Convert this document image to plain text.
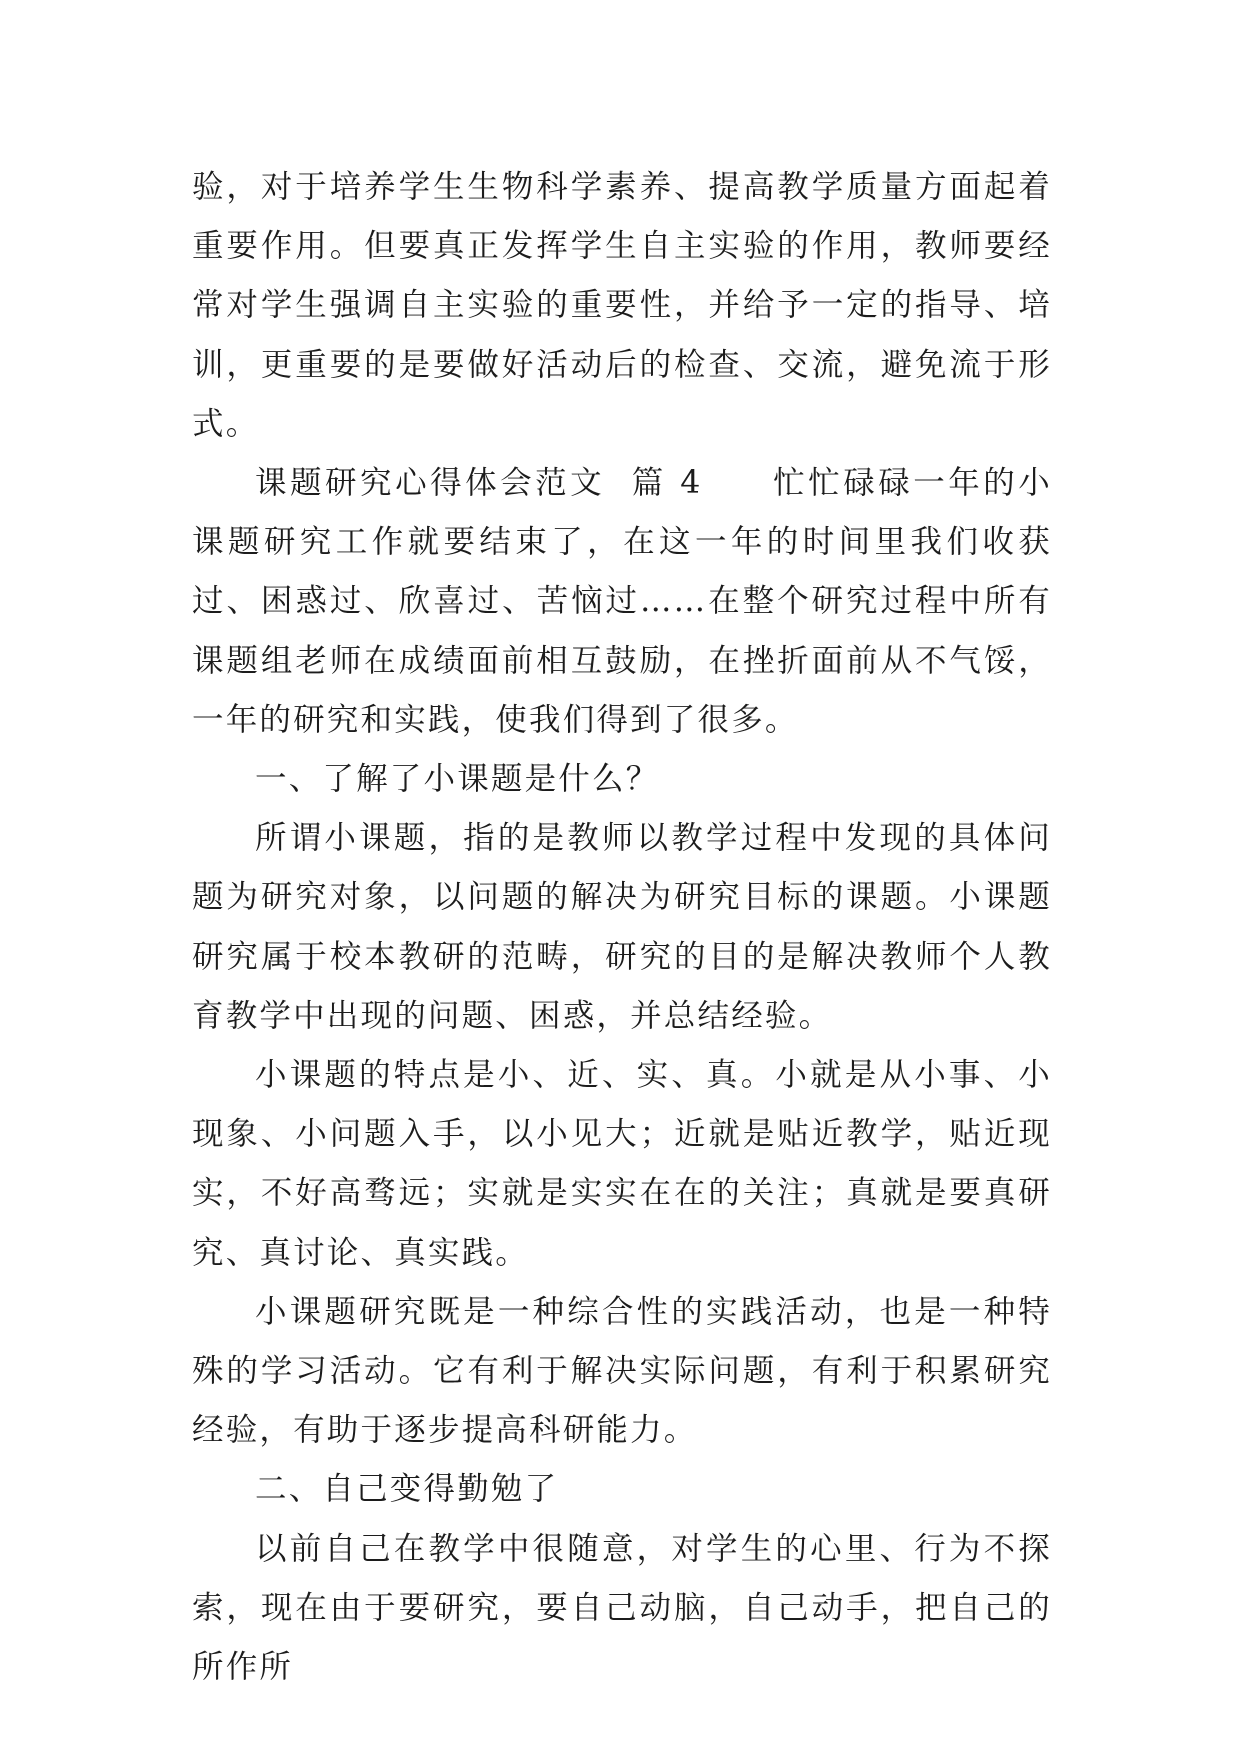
验，对于培养学生生物科学素养、提高教学质量方面起着重要作用。但要真正发挥学生自主实验的作用，教师要经常对学生强调自主实验的重要性，并给予一定的指导、培训，更重要的是要做好活动后的检查、交流，避免流于形式。

课题研究心得体会范文 篇 4 忙忙碌碌一年的小课题研究工作就要结束了，在这一年的时间里我们收获过、困惑过、欣喜过、苦恼过……在整个研究过程中所有课题组老师在成绩面前相互鼓励，在挫折面前从不气馁，一年的研究和实践，使我们得到了很多。

一、了解了小课题是什么？

所谓小课题，指的是教师以教学过程中发现的具体问题为研究对象，以问题的解决为研究目标的课题。小课题研究属于校本教研的范畴，研究的目的是解决教师个人教育教学中出现的问题、困惑，并总结经验。

小课题的特点是小、近、实、真。小就是从小事、小现象、小问题入手，以小见大；近就是贴近教学，贴近现实，不好高骛远；实就是实实在在的关注；真就是要真研究、真讨论、真实践。

小课题研究既是一种综合性的实践活动，也是一种特殊的学习活动。它有利于解决实际问题，有利于积累研究经验，有助于逐步提高科研能力。

二、自己变得勤勉了

以前自己在教学中很随意，对学生的心里、行为不探索，现在由于要研究，要自己动脑，自己动手，把自己的所作所
